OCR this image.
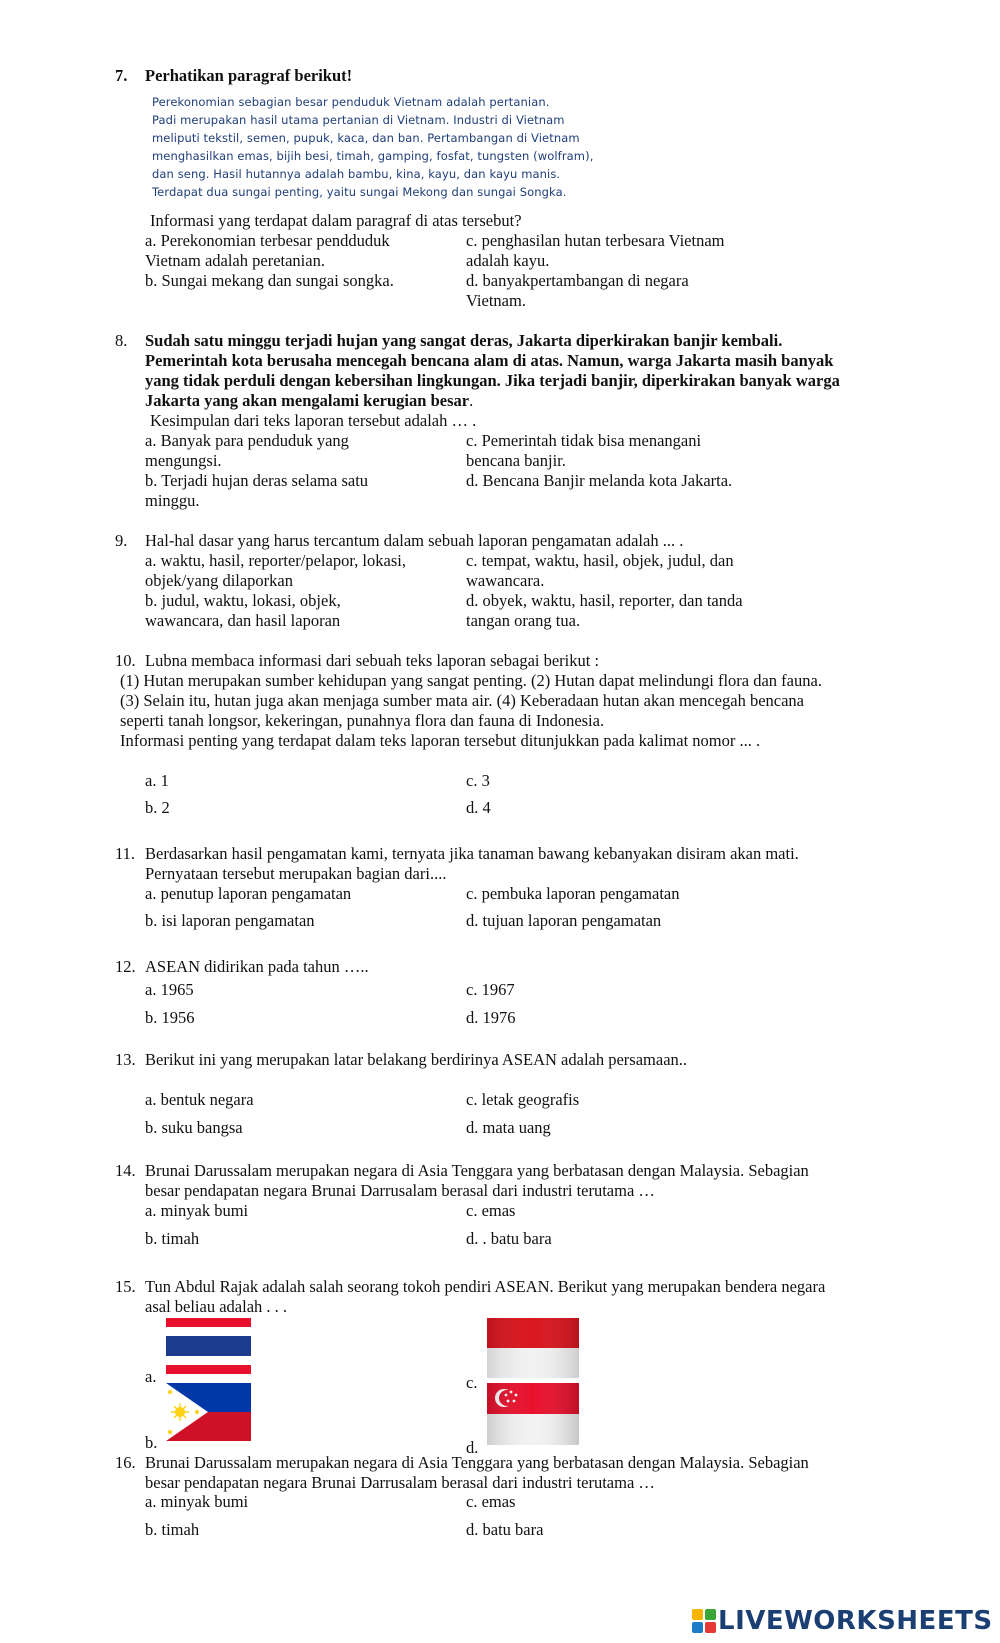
7. Perhatikan paragraf berikut!
Perekonomian sebagian besar penduduk Vietnam adalah pertanian.
Padi merupakan hasil utama pertanian di Vietnam. Industri di Vietnam
meliputi tekstil, semen, pupuk, kaca, dan ban. Pertambangan di Vietnam
menghasilkan emas, bijih besi, timah, gamping, fosfat, tungsten (wolfram),
dan seng. Hasil hutannya adalah bambu, kina, kayu, dan kayu manis.
Terdapat dua sungai penting, yaitu sungai Mekong dan sungai Songka.
Informasi yang terdapat dalam paragraf di atas tersebut?
a. Perekonomian terbesar pendduduk
Vietnam adalah peretanian.
b. Sungai mekang dan sungai songka.
c. penghasilan hutan terbesara Vietnam
adalah kayu.
d. banyakpertambangan di negara
Vietnam.
8. Sudah satu minggu terjadi hujan yang sangat deras, Jakarta diperkirakan banjir kembali.
Pemerintah kota berusaha mencegah bencana alam di atas. Namun, warga Jakarta masih banyak
yang tidak perduli dengan kebersihan lingkungan. Jika terjadi banjir, diperkirakan banyak warga
Jakarta yang akan mengalami kerugian besar.
Kesimpulan dari teks laporan tersebut adalah … .
a. Banyak para penduduk yang
mengungsi.
b. Terjadi hujan deras selama satu
minggu.
c. Pemerintah tidak bisa menangani
bencana banjir.
d. Bencana Banjir melanda kota Jakarta.
9. Hal-hal dasar yang harus tercantum dalam sebuah laporan pengamatan adalah ... .
a. waktu, hasil, reporter/pelapor, lokasi,
objek/yang dilaporkan
b. judul, waktu, lokasi, objek,
wawancara, dan hasil laporan
c. tempat, waktu, hasil, objek, judul, dan
wawancara.
d. obyek, waktu, hasil, reporter, dan tanda
tangan orang tua.
10. Lubna membaca informasi dari sebuah teks laporan sebagai berikut :
(1) Hutan merupakan sumber kehidupan yang sangat penting. (2) Hutan dapat melindungi flora dan fauna.
(3) Selain itu, hutan juga akan menjaga sumber mata air. (4) Keberadaan hutan akan mencegah bencana
seperti tanah longsor, kekeringan, punahnya flora dan fauna di Indonesia.
Informasi penting yang terdapat dalam teks laporan tersebut ditunjukkan pada kalimat nomor ... .
a. 1
b. 2
c. 3
d. 4
11. Berdasarkan hasil pengamatan kami, ternyata jika tanaman bawang kebanyakan disiram akan mati.
Pernyataan tersebut merupakan bagian dari....
a. penutup laporan pengamatan
b. isi laporan pengamatan
c. pembuka laporan pengamatan
d. tujuan laporan pengamatan
12. ASEAN didirikan pada tahun …..
a. 1965
b. 1956
c. 1967
d. 1976
13. Berikut ini yang merupakan latar belakang berdirinya ASEAN adalah persamaan..
a. bentuk negara
b. suku bangsa
c. letak geografis
d. mata uang
14. Brunai Darussalam merupakan negara di Asia Tenggara yang berbatasan dengan Malaysia. Sebagian
besar pendapatan negara Brunai Darrusalam berasal dari industri terutama …
a. minyak bumi
b. timah
c. emas
d. . batu bara
15. Tun Abdul Rajak adalah salah seorang tokoh pendiri ASEAN. Berikut yang merupakan bendera negara
asal beliau adalah . . .
a.
b.
c.
d.
16. Brunai Darussalam merupakan negara di Asia Tenggara yang berbatasan dengan Malaysia. Sebagian
besar pendapatan negara Brunai Darrusalam berasal dari industri terutama …
a. minyak bumi
b. timah
c. emas
d. batu bara
LIVEWORKSHEETS
